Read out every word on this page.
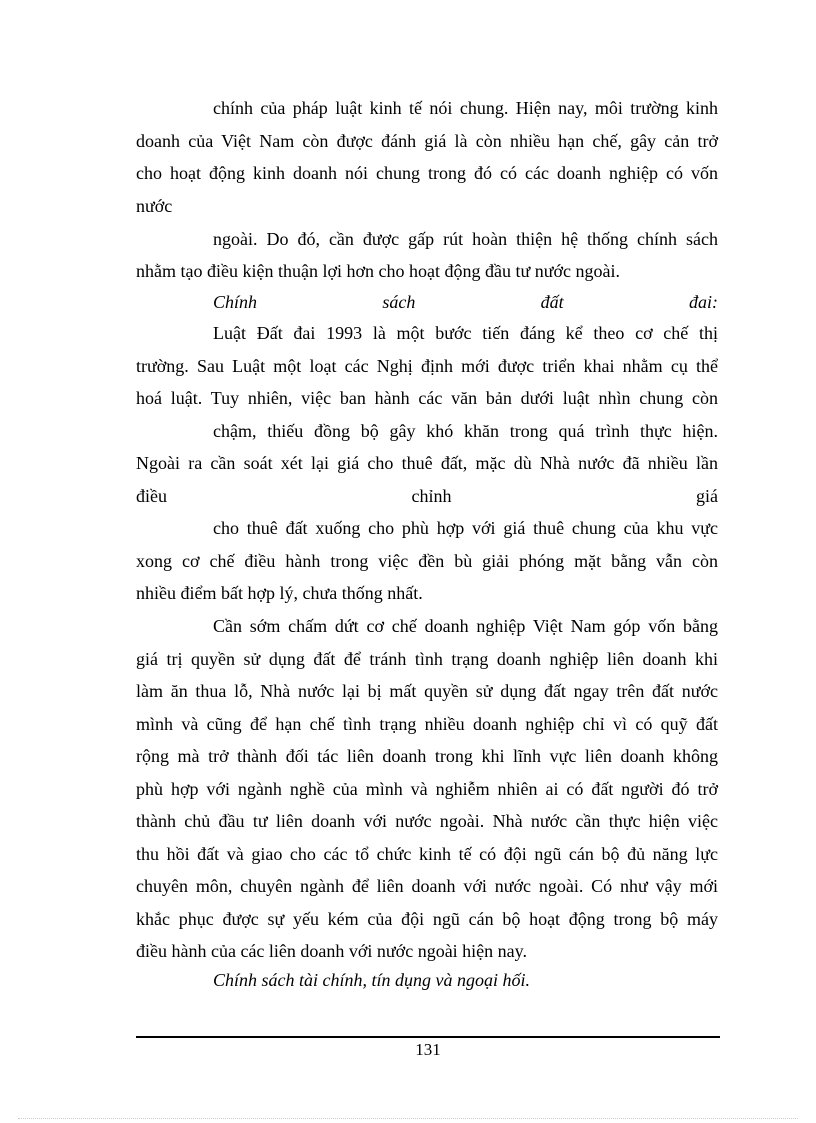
chính của pháp luật kinh tế nói chung. Hiện nay, môi trường kinh
doanh của Việt Nam còn được đánh giá là còn nhiều hạn chế, gây cản trở
cho hoạt động kinh doanh nói chung trong đó có các doanh nghiệp có vốn
nước
ngoài. Do đó, cần được gấp rút hoàn thiện hệ thống chính sách
nhằm tạo điều kiện thuận lợi hơn cho hoạt động đầu tư nước ngoài.
Chính sách đất đai:
Luật Đất đai 1993 là một bước tiến đáng kể theo cơ chế thị
trường. Sau Luật một loạt các Nghị định mới được triển khai nhằm cụ thể
hoá luật. Tuy nhiên, việc ban hành các văn bản dưới luật nhìn chung còn
chậm, thiếu đồng bộ gây khó khăn trong quá trình thực hiện.
Ngoài ra cần soát xét lại giá cho thuê đất, mặc dù Nhà nước đã nhiều lần
điều chỉnh giá
cho thuê đất xuống cho phù hợp với giá thuê chung của khu vực
xong cơ chế điều hành trong việc đền bù giải phóng mặt bằng vẫn còn
nhiều điểm bất hợp lý, chưa thống nhất.
Cần sớm chấm dứt cơ chế doanh nghiệp Việt Nam góp vốn bằng
giá trị quyền sử dụng đất để tránh tình trạng doanh nghiệp liên doanh khi
làm ăn thua lỗ, Nhà nước lại bị mất quyền sử dụng đất ngay trên đất nước
mình và cũng để hạn chế tình trạng nhiều doanh nghiệp chỉ vì có quỹ đất
rộng mà trở thành đối tác liên doanh trong khi lĩnh vực liên doanh không
phù hợp với ngành nghề của mình và nghiễm nhiên ai có đất người đó trở
thành chủ đầu tư liên doanh với nước ngoài. Nhà nước cần thực hiện việc
thu hồi đất và giao cho các tổ chức kinh tế có đội ngũ cán bộ đủ năng lực
chuyên môn, chuyên ngành để liên doanh với nước ngoài. Có như vậy mới
khắc phục được sự yếu kém của đội ngũ cán bộ hoạt động trong bộ máy
điều hành của các liên doanh với nước ngoài hiện nay.
Chính sách tài chính, tín dụng và ngoại hối.
131
